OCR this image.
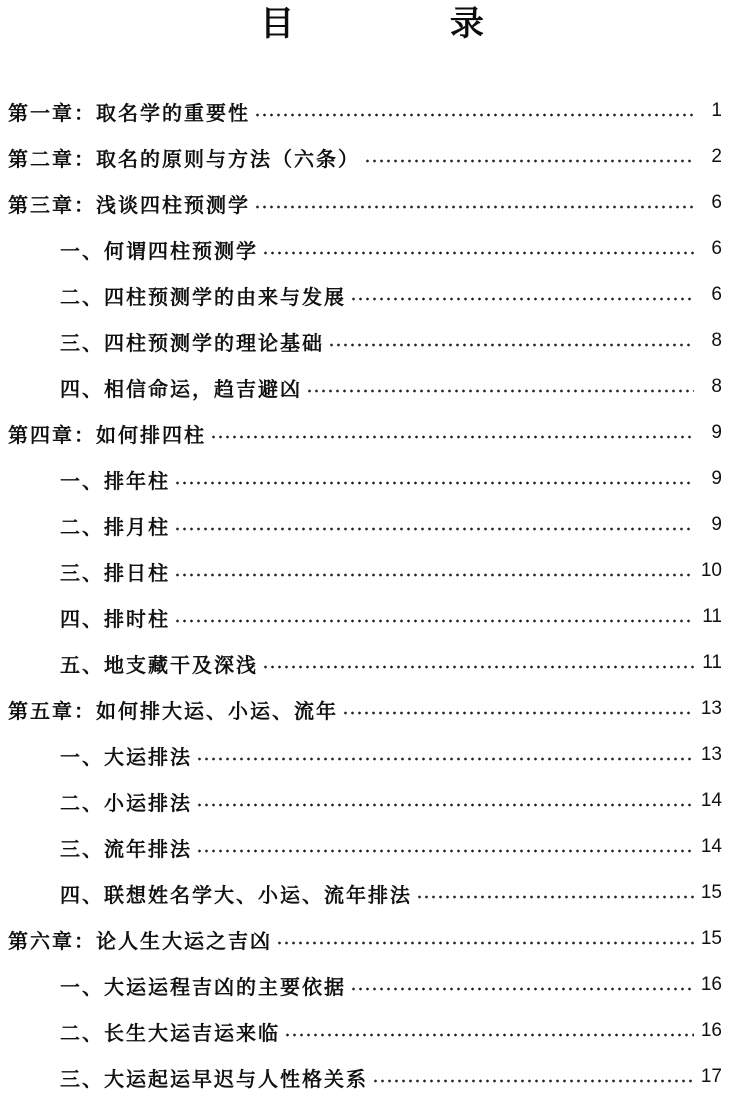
目 录
第一章：取名学的重要性	1
第二章：取名的原则与方法（六条）	2
第三章：浅谈四柱预测学	6
一、何谓四柱预测学	6
二、四柱预测学的由来与发展	6
三、四柱预测学的理论基础	8
四、相信命运，趋吉避凶	8
第四章：如何排四柱	9
一、排年柱	9
二、排月柱	9
三、排日柱	10
四、排时柱	11
五、地支藏干及深浅	11
第五章：如何排大运、小运、流年	13
一、大运排法	13
二、小运排法	14
三、流年排法	14
四、联想姓名学大、小运、流年排法	15
第六章：论人生大运之吉凶	15
一、大运运程吉凶的主要依据	16
二、长生大运吉运来临	16
三、大运起运早迟与人性格关系	17
